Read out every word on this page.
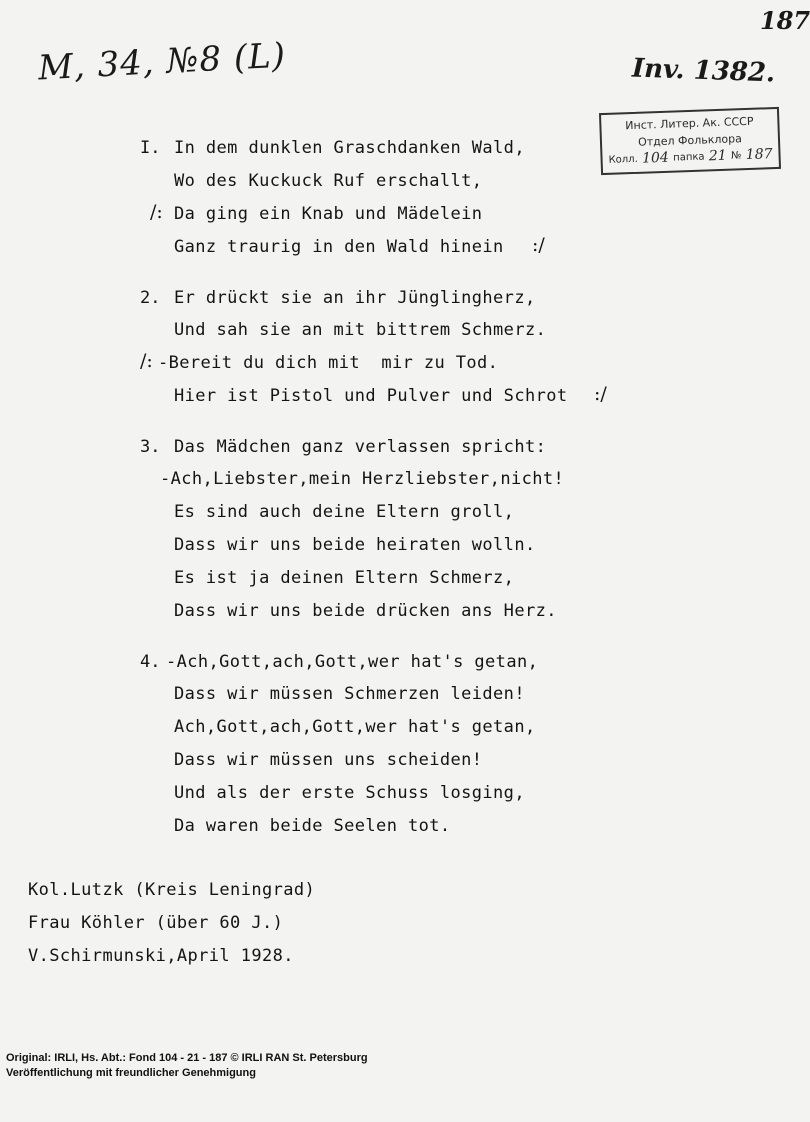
M, 34, №8 (L)	Inv. 1382.
187
Инст. Литер. Ак. СССР
Отдел Фольклора
Колл. 104 папка 21 № 187
I. In dem dunklen Graschdanken Wald,
Wo des Kuckuck Ruf erschallt,
/: Da ging ein Knab und Mädelein
Ganz traurig in den Wald hinein :/
2. Er drückt sie an ihr Jünglingherz,
Und sah sie an mit bittrem Schmerz.
/: -Bereit du dich mit  mir zu Tod.
Hier ist Pistol und Pulver und Schrot :/
3. Das Mädchen ganz verlassen spricht:
-Ach,Liebster,mein Herzliebster,nicht!
Es sind auch deine Eltern groll,
Dass wir uns beide heiraten wolln.
Es ist ja deinen Eltern Schmerz,
Dass wir uns beide drücken ans Herz.
4. -Ach,Gott,ach,Gott,wer hat's getan,
Dass wir müssen Schmerzen leiden!
Ach,Gott,ach,Gott,wer hat's getan,
Dass wir müssen uns scheiden!
Und als der erste Schuss losging,
Da waren beide Seelen tot.
Kol.Lutzk (Kreis Leningrad)
Frau Köhler (über 60 J.)
V.Schirmunski,April 1928.
Original: IRLI, Hs. Abt.: Fond 104 - 21 - 187 © IRLI RAN St. Petersburg
Veröffentlichung mit freundlicher Genehmigung
